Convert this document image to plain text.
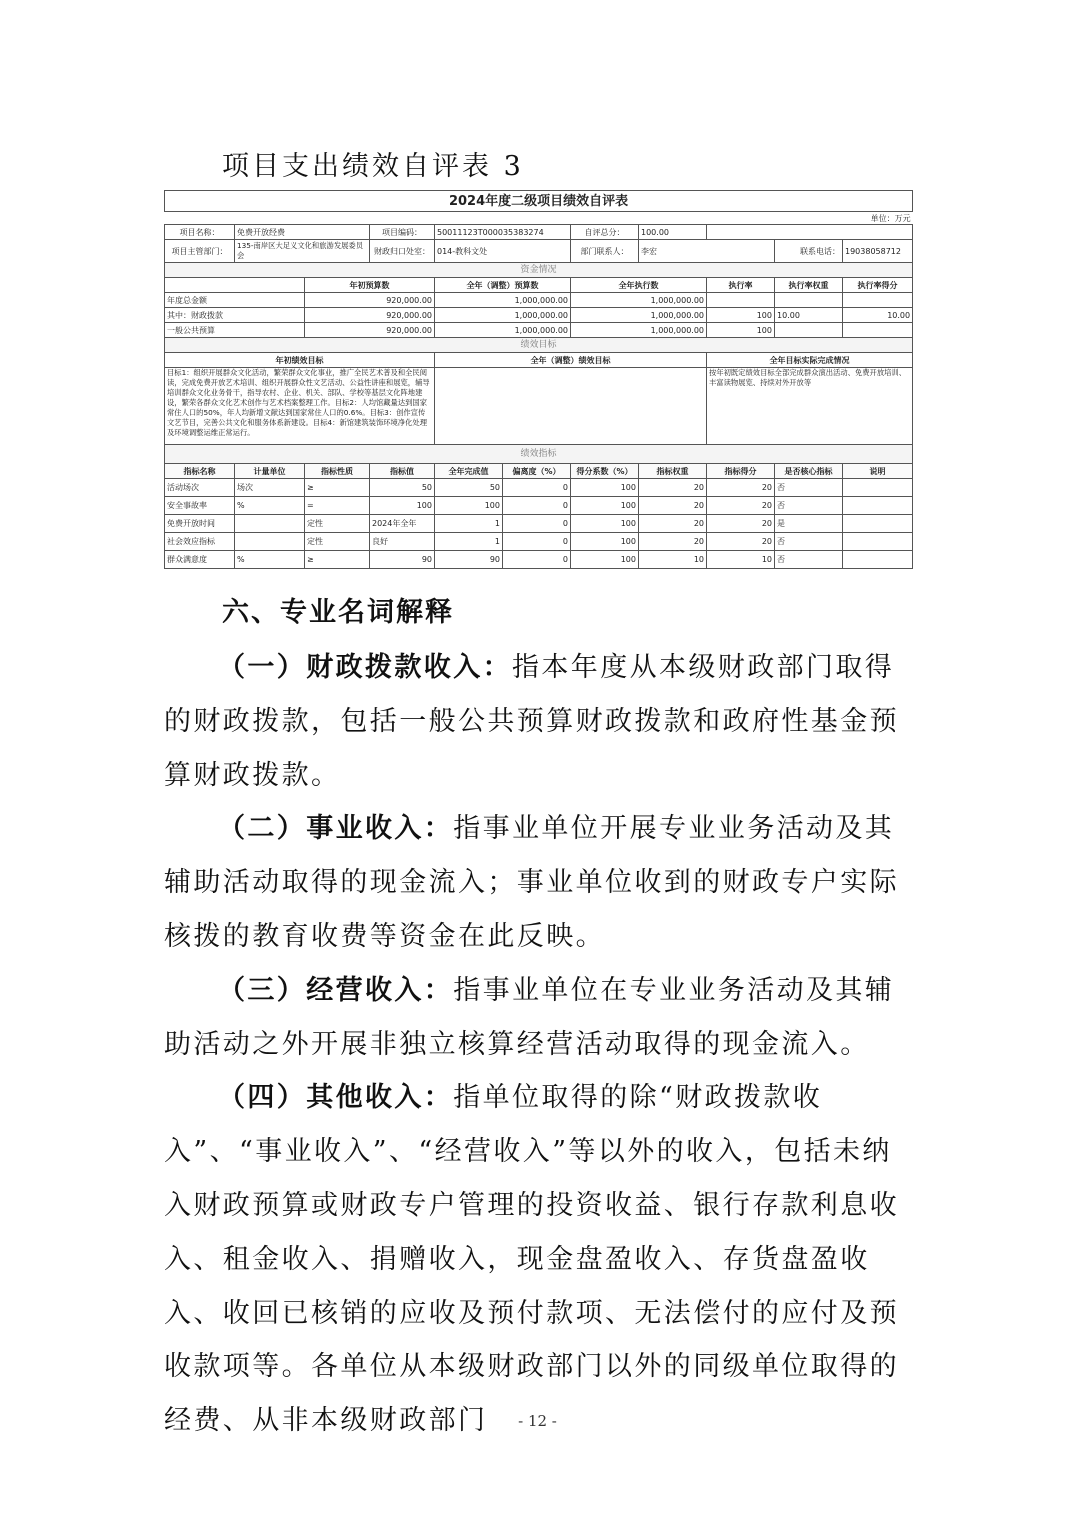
项目支出绩效自评表 3
2024年度二级项目绩效自评表										
单位：万元										
项目名称：	免费开放经费		项目编码：	50011123T000035383274		自评总分：	100.00			
项目主管部门：	135-南岸区大足义文化和旅游发展委员会		财政归口处室：	014-教科文处		部门联系人：	李宏		联系电话：	19038058712
资金情况										
		年初预算数		全年（调整）预算数		全年执行数		执行率	执行率权重	执行率得分
年度总金额		920,000.00		1,000,000.00		1,000,000.00				
其中：财政拨款		920,000.00		1,000,000.00		1,000,000.00		100	10.00	10.00
一般公共预算		920,000.00		1,000,000.00		1,000,000.00		100		
绩效目标										
年初绩效目标				全年（调整）绩效目标				全年目标实际完成情况		
目标1：组织开展群众文化活动，繁荣群众文化事业，推广全民艺术普及和全民阅读，完成免费开放艺术培训、组织开展群众性文艺活动、公益性讲座和展览，辅导培训群众文化业务骨干，指导农村、企业、机关、部队、学校等基层文化阵地建设，繁荣各群众文化艺术创作与艺术档案整理工作。目标2：人均馆藏量达到国家常住人口的50%，年人均新增文献达到国家常住人口的0.6%。目标3：创作宣传文艺节目，完善公共文化和服务体系新建设。目标4：新馆建筑装饰环境净化处理及环境调整运维正常运行。								按年初既定绩效目标全部完成群众演出活动、免费开放培训、丰富读物展览、持续对外开放等		
绩效指标										
指标名称	计量单位	指标性质	指标值	全年完成值	偏离度（%）	得分系数（%）	指标权重	指标得分	是否核心指标	说明
活动场次	场次	≥	50	50	0	100	20	20	否	
安全事故率	%	=	100	100	0	100	20	20	否	
免费开放时间		定性	2024年全年	1	0	100	20	20	是	
社会效应指标		定性	良好	1	0	100	20	20	否	
群众满意度	%	≥	90	90	0	100	10	10	否	
六、专业名词解释

（一）财政拨款收入：指本年度从本级财政部门取得的财政拨款，包括一般公共预算财政拨款和政府性基金预算财政拨款。

（二）事业收入：指事业单位开展专业业务活动及其辅助活动取得的现金流入；事业单位收到的财政专户实际核拨的教育收费等资金在此反映。

（三）经营收入：指事业单位在专业业务活动及其辅助活动之外开展非独立核算经营活动取得的现金流入。

（四）其他收入：指单位取得的除“财政拨款收入”、“事业收入”、“经营收入”等以外的收入，包括未纳入财政预算或财政专户管理的投资收益、银行存款利息收入、租金收入、捐赠收入，现金盘盈收入、存货盘盈收入、收回已核销的应收及预付款项、无法偿付的应付及预收款项等。各单位从本级财政部门以外的同级单位取得的经费、从非本级财政部门	- 12 -
